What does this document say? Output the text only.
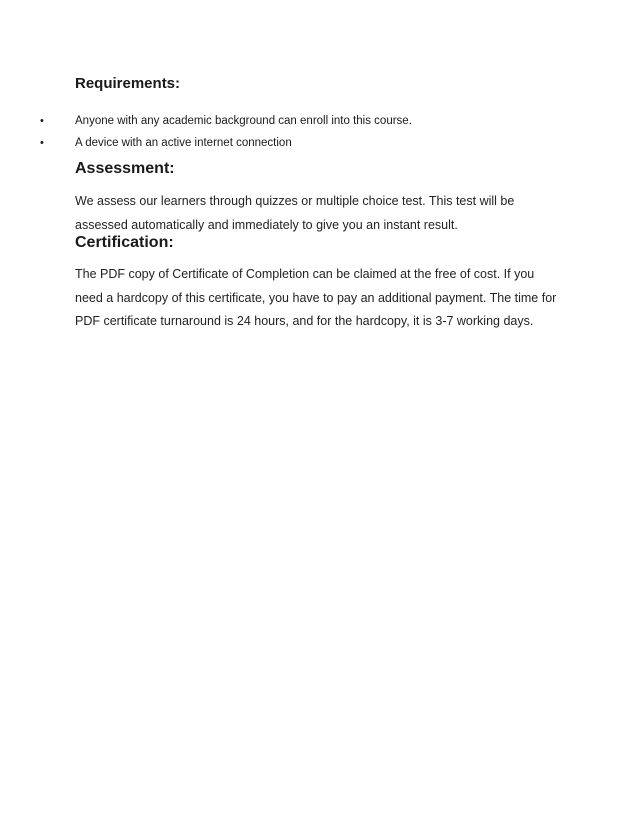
Requirements:
•	Anyone with any academic background can enroll into this course.
•	A device with an active internet connection
Assessment:

We assess our learners through quizzes or multiple choice test. This test will be
assessed automatically and immediately to give you an instant result.

Certification:

The PDF copy of Certificate of Completion can be claimed at the free of cost. If you
need a hardcopy of this certificate, you have to pay an additional payment. The time for
PDF certificate turnaround is 24 hours, and for the hardcopy, it is 3-7 working days.
